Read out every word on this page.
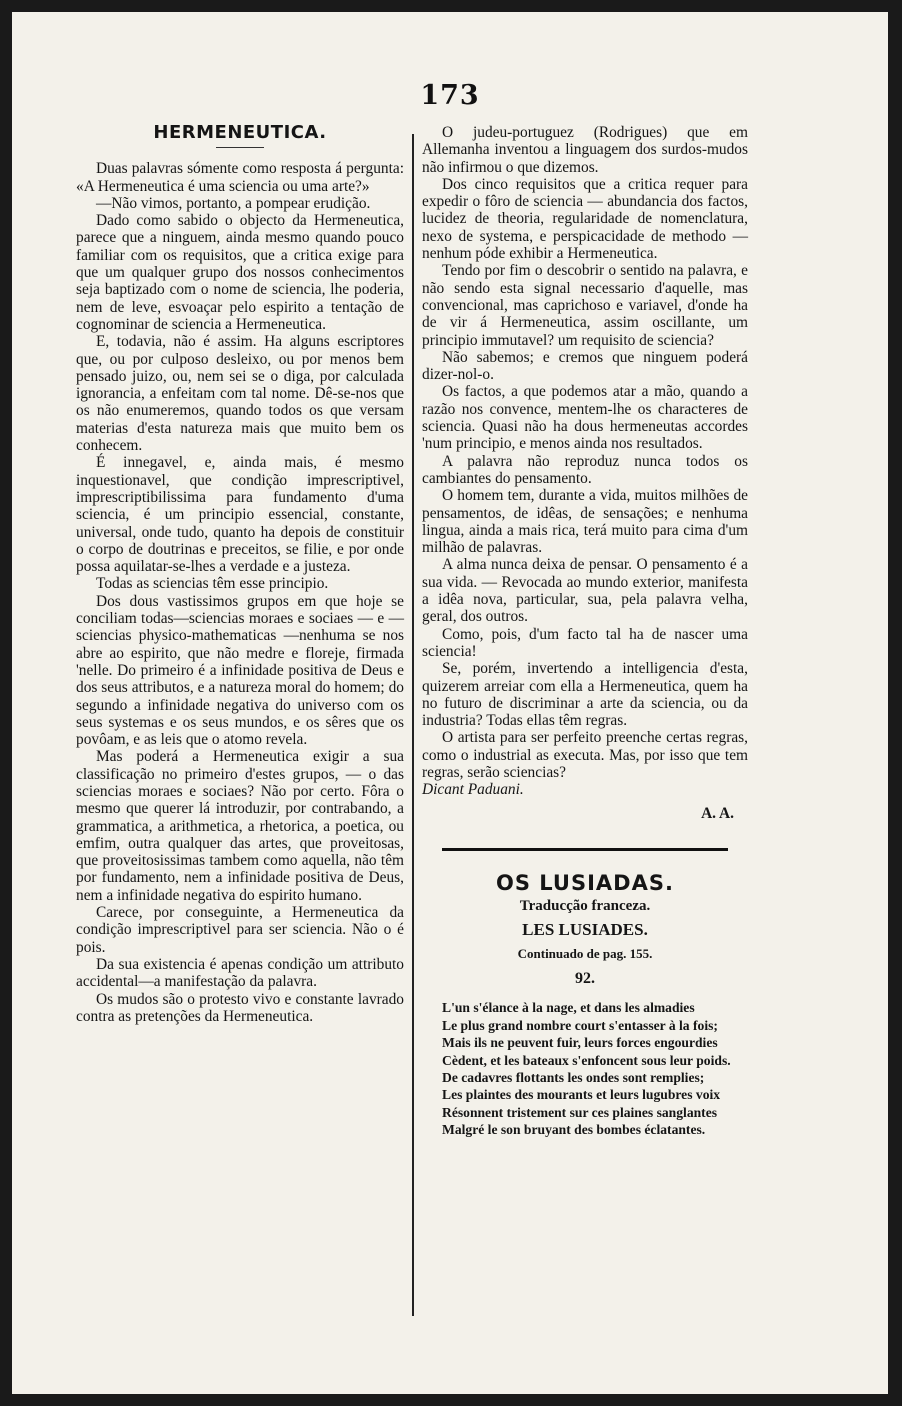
173
HERMENEUTICA.

Duas palavras sómente como resposta á pergunta: «A Hermeneutica é uma sciencia ou uma arte?»

—Não vimos, portanto, a pompear erudição.

Dado como sabido o objecto da Hermeneutica, parece que a ninguem, ainda mesmo quando pouco familiar com os requisitos, que a critica exige para que um qualquer grupo dos nossos conhecimentos seja baptizado com o nome de sciencia, lhe poderia, nem de leve, esvoaçar pelo espirito a tentação de cognominar de sciencia a Hermeneutica.

E, todavia, não é assim. Ha alguns escriptores que, ou por culposo desleixo, ou por menos bem pensado juizo, ou, nem sei se o diga, por calculada ignorancia, a enfeitam com tal nome. Dê-se-nos que os não enumeremos, quando todos os que versam materias d'esta natureza mais que muito bem os conhecem.

É innegavel, e, ainda mais, é mesmo inquestionavel, que condição imprescriptivel, imprescriptibilissima para fundamento d'uma sciencia, é um principio essencial, constante, universal, onde tudo, quanto ha depois de constituir o corpo de doutrinas e preceitos, se filie, e por onde possa aquilatar-se-lhes a verdade e a justeza.

Todas as sciencias têm esse principio.

Dos dous vastissimos grupos em que hoje se conciliam todas—sciencias moraes e sociaes — e — sciencias physico-mathematicas —nenhuma se nos abre ao espirito, que não medre e floreje, firmada 'nelle. Do primeiro é a infinidade positiva de Deus e dos seus attributos, e a natureza moral do homem; do segundo a infinidade negativa do universo com os seus systemas e os seus mundos, e os sêres que os povôam, e as leis que o atomo revela.

Mas poderá a Hermeneutica exigir a sua classificação no primeiro d'estes grupos, — o das sciencias moraes e sociaes? Não por certo. Fôra o mesmo que querer lá introduzir, por contrabando, a grammatica, a arithmetica, a rhetorica, a poetica, ou emfim, outra qualquer das artes, que proveitosas, que proveitosissimas tambem como aquella, não têm por fundamento, nem a infinidade positiva de Deus, nem a infinidade negativa do espirito humano.

Carece, por conseguinte, a Hermeneutica da condição imprescriptivel para ser sciencia. Não o é pois.

Da sua existencia é apenas condição um attributo accidental—a manifestação da palavra.

Os mudos são o protesto vivo e constante lavrado contra as pretenções da Hermeneutica.

O judeu-portuguez (Rodrigues) que em Allemanha inventou a linguagem dos surdos-mudos não infirmou o que dizemos.

Dos cinco requisitos que a critica requer para expedir o fôro de sciencia — abundancia dos factos, lucidez de theoria, regularidade de nomenclatura, nexo de systema, e perspicacidade de methodo — nenhum póde exhibir a Hermeneutica.

Tendo por fim o descobrir o sentido na palavra, e não sendo esta signal necessario d'aquelle, mas convencional, mas caprichoso e variavel, d'onde ha de vir á Hermeneutica, assim oscillante, um principio immutavel? um requisito de sciencia?

Não sabemos; e cremos que ninguem poderá dizer-nol-o.

Os factos, a que podemos atar a mão, quando a razão nos convence, mentem-lhe os characteres de sciencia. Quasi não ha dous hermeneutas accordes 'num principio, e menos ainda nos resultados.

A palavra não reproduz nunca todos os cambiantes do pensamento.

O homem tem, durante a vida, muitos milhões de pensamentos, de idêas, de sensações; e nenhuma lingua, ainda a mais rica, terá muito para cima d'um milhão de palavras.

A alma nunca deixa de pensar. O pensamento é a sua vida. — Revocada ao mundo exterior, manifesta a idêa nova, particular, sua, pela palavra velha, geral, dos outros.

Como, pois, d'um facto tal ha de nascer uma sciencia!

Se, porém, invertendo a intelligencia d'esta, quizerem arreiar com ella a Hermeneutica, quem ha no futuro de discriminar a arte da sciencia, ou da industria? Todas ellas têm regras.

O artista para ser perfeito preenche certas regras, como o industrial as executa. Mas, por isso que tem regras, serão sciencias?

Dicant Paduani.

A. A.
OS LUSIADAS.
Traducção franceza.
LES LUSIADES.
Continuado de pag. 155.
92.
L'un s'élance à la nage, et dans les almadies
Le plus grand nombre court s'entasser à la fois;
Mais ils ne peuvent fuir, leurs forces engourdies
Cèdent, et les bateaux s'enfoncent sous leur poids.
De cadavres flottants les ondes sont remplies;
Les plaintes des mourants et leurs lugubres voix
Résonnent tristement sur ces plaines sanglantes
Malgré le son bruyant des bombes éclatantes.
